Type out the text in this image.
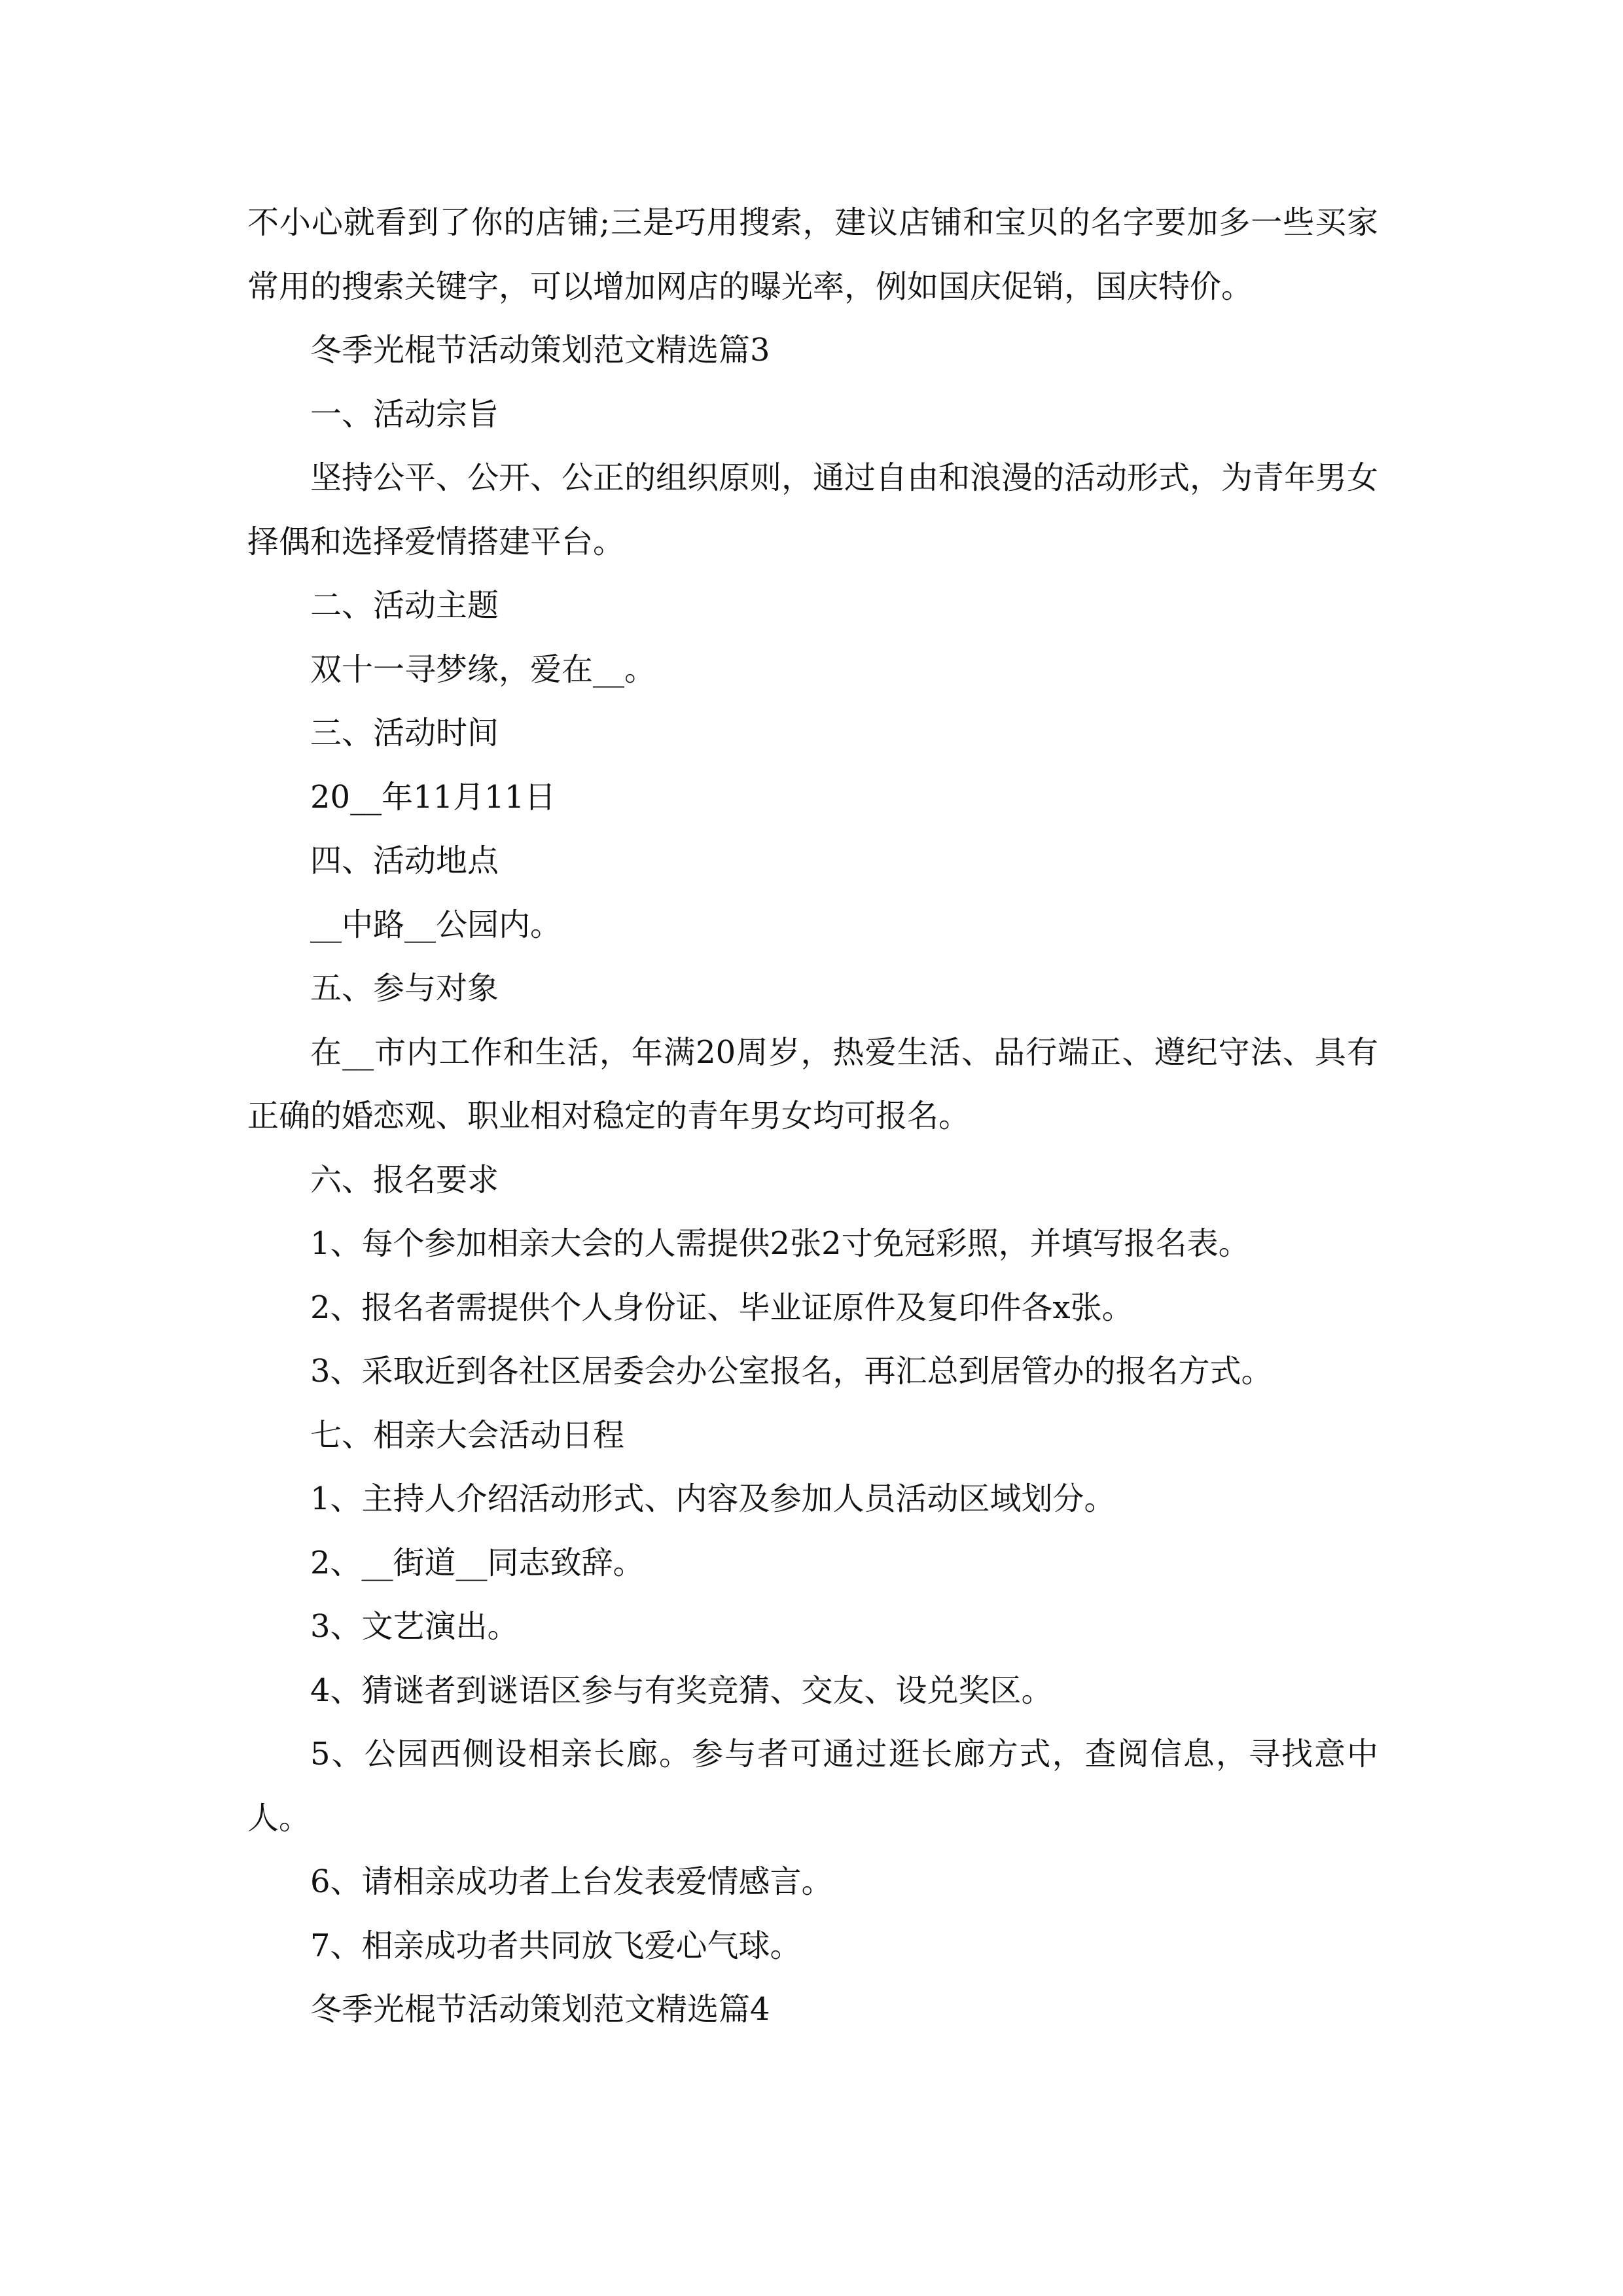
不小心就看到了你的店铺;三是巧用搜索，建议店铺和宝贝的名字要加多一些买家常用的搜索关键字，可以增加网店的曝光率，例如国庆促销，国庆特价。

冬季光棍节活动策划范文精选篇3

一、活动宗旨

坚持公平、公开、公正的组织原则，通过自由和浪漫的活动形式，为青年男女择偶和选择爱情搭建平台。

二、活动主题

双十一寻梦缘，爱在__。

三、活动时间

20__年11月11日

四、活动地点

__中路__公园内。

五、参与对象

在__市内工作和生活，年满20周岁，热爱生活、品行端正、遵纪守法、具有正确的婚恋观、职业相对稳定的青年男女均可报名。

六、报名要求

1、每个参加相亲大会的人需提供2张2寸免冠彩照，并填写报名表。

2、报名者需提供个人身份证、毕业证原件及复印件各x张。

3、采取近到各社区居委会办公室报名，再汇总到居管办的报名方式。

七、相亲大会活动日程

1、主持人介绍活动形式、内容及参加人员活动区域划分。

2、__街道__同志致辞。

3、文艺演出。

4、猜谜者到谜语区参与有奖竞猜、交友、设兑奖区。

5、公园西侧设相亲长廊。参与者可通过逛长廊方式，查阅信息，寻找意中人。

6、请相亲成功者上台发表爱情感言。

7、相亲成功者共同放飞爱心气球。

冬季光棍节活动策划范文精选篇4
